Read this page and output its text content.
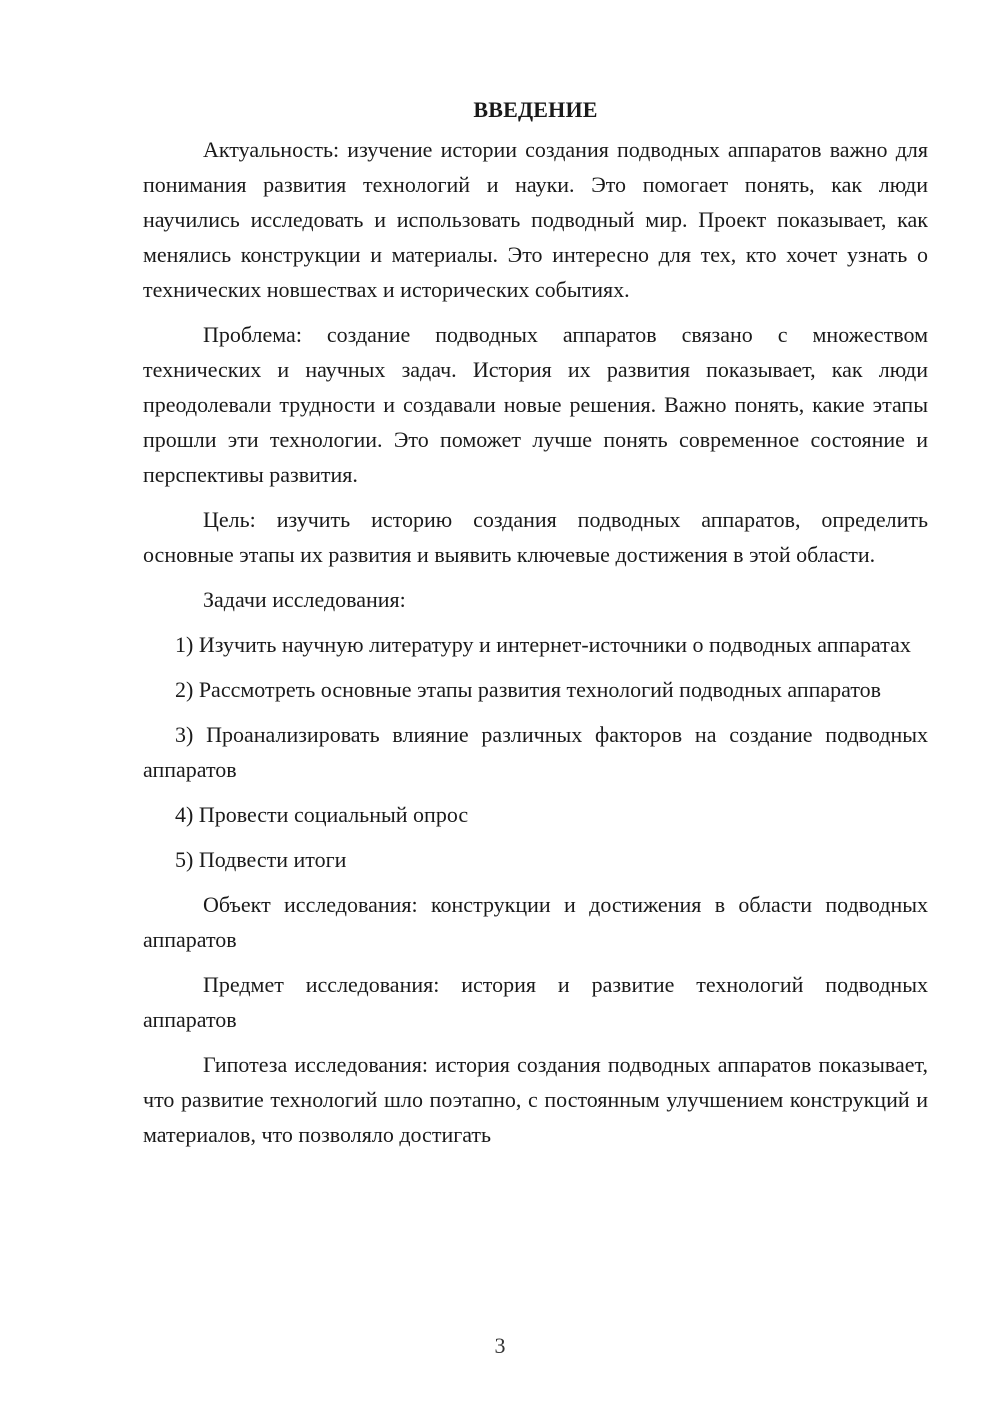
ВВЕДЕНИЕ

Актуальность: изучение истории создания подводных аппаратов важно для понимания развития технологий и науки. Это помогает понять, как люди научились исследовать и использовать подводный мир. Проект показывает, как менялись конструкции и материалы. Это интересно для тех, кто хочет узнать о технических новшествах и исторических событиях.

Проблема: создание подводных аппаратов связано с множеством технических и научных задач. История их развития показывает, как люди преодолевали трудности и создавали новые решения. Важно понять, какие этапы прошли эти технологии. Это поможет лучше понять современное состояние и перспективы развития.

Цель: изучить историю создания подводных аппаратов, определить основные этапы их развития и выявить ключевые достижения в этой области.

Задачи исследования:

1) Изучить научную литературу и интернет-источники о подводных аппаратах

2) Рассмотреть основные этапы развития технологий подводных аппаратов

3) Проанализировать влияние различных факторов на создание подводных аппаратов

4) Провести социальный опрос

5) Подвести итоги

Объект исследования: конструкции и достижения в области подводных аппаратов

Предмет исследования: история и развитие технологий подводных аппаратов

Гипотеза исследования: история создания подводных аппаратов показывает, что развитие технологий шло поэтапно, с постоянным улучшением конструкций и материалов, что позволяло достигать

3
